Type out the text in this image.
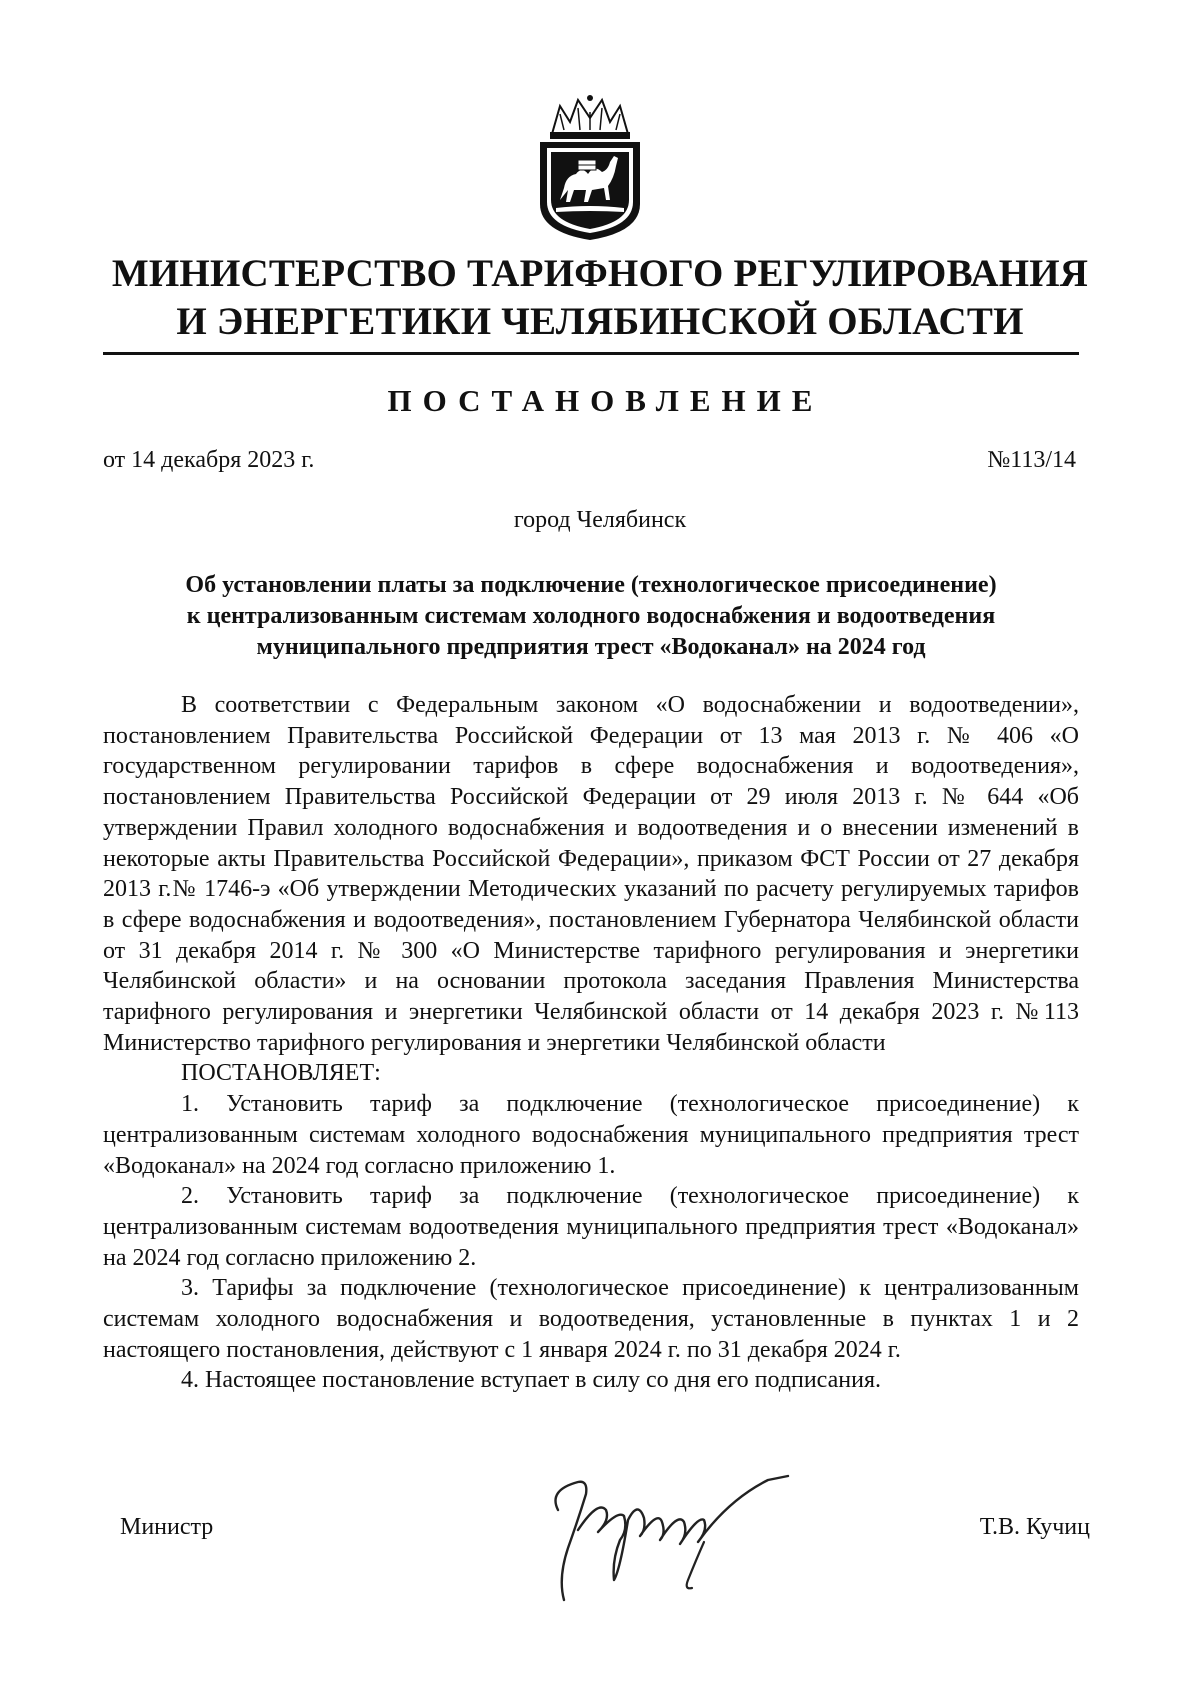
МИНИСТЕРСТВО ТАРИФНОГО РЕГУЛИРОВАНИЯ
И ЭНЕРГЕТИКИ ЧЕЛЯБИНСКОЙ ОБЛАСТИ
ПОСТАНОВЛЕНИЕ
от 14 декабря 2023 г.	№113/14
город Челябинск
Об установлении платы за подключение (технологическое присоединение)
к централизованным системам холодного водоснабжения и водоотведения
муниципального предприятия трест «Водоканал» на 2024 год

В соответствии с Федеральным законом «О водоснабжении и водоотведении», постановлением Правительства Российской Федерации от 13 мая 2013 г. № 406 «О государственном регулировании тарифов в сфере водоснабжения и водоотведения», постановлением Правительства Российской Федерации от 29 июля 2013 г. № 644 «Об утверждении Правил холодного водоснабжения и водоотведения и о внесении изменений в некоторые акты Правительства Российской Федерации», приказом ФСТ России от 27 декабря 2013 г.№ 1746-э «Об утверждении Методических указаний по расчету регулируемых тарифов в сфере водоснабжения и водоотведения», постановлением Губернатора Челябинской области от 31 декабря 2014 г. № 300 «О Министерстве тарифного регулирования и энергетики Челябинской области» и на основании протокола заседания Правления Министерства тарифного регулирования и энергетики Челябинской области от 14 декабря 2023 г. №113 Министерство тарифного регулирования и энергетики Челябинской области

ПОСТАНОВЛЯЕТ:

1. Установить тариф за подключение (технологическое присоединение) к централизованным системам холодного водоснабжения муниципального предприятия трест «Водоканал» на 2024 год согласно приложению 1.

2. Установить тариф за подключение (технологическое присоединение) к централизованным системам водоотведения муниципального предприятия трест «Водоканал» на 2024 год согласно приложению 2.

3. Тарифы за подключение (технологическое присоединение) к централизованным системам холодного водоснабжения и водоотведения, установленные в пунктах 1 и 2 настоящего постановления, действуют с 1 января 2024 г. по 31 декабря 2024 г.

4. Настоящее постановление вступает в силу со дня его подписания.

Министр	Т.В. Кучиц
